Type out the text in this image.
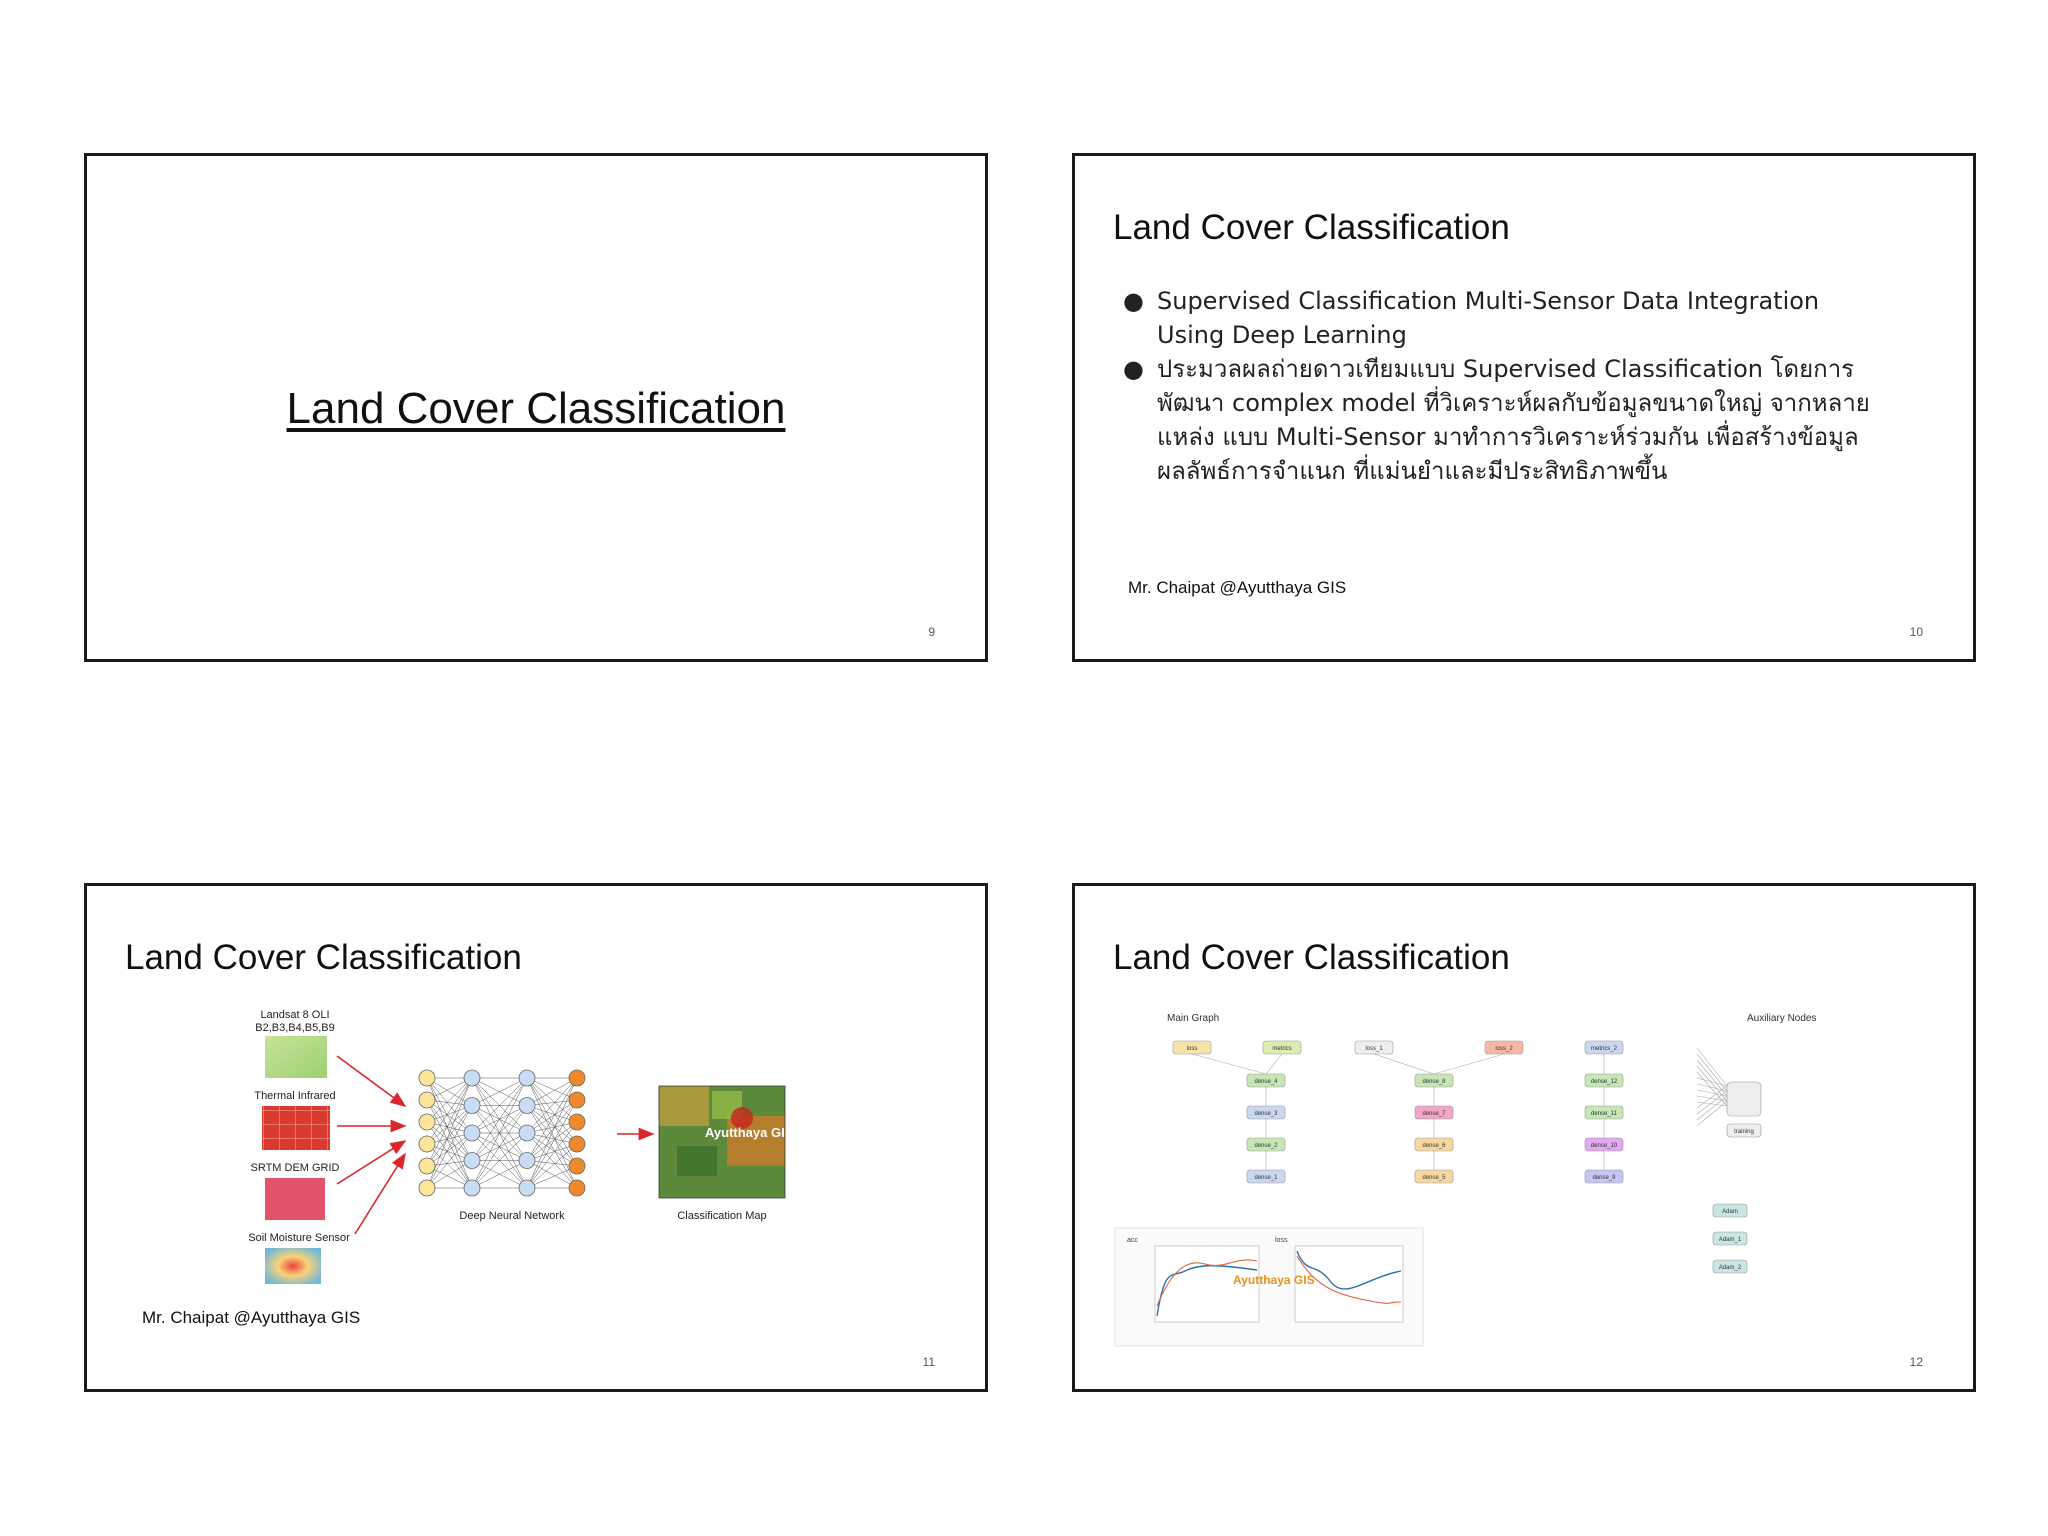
Land Cover Classification
9
Land Cover Classification
● Supervised Classification Multi-Sensor Data Integration Using Deep Learning
● ประมวลผลถ่ายดาวเทียมแบบ Supervised Classification โดยการพัฒนา complex model ที่วิเคราะห์ผลกับข้อมูลขนาดใหญ่ จากหลายแหล่ง แบบ Multi-Sensor มาทำการวิเคราะห์ร่วมกัน เพื่อสร้างข้อมูลผลลัพธ์การจำแนก ที่แม่นยำและมีประสิทธิภาพขึ้น
Mr. Chaipat @Ayutthaya GIS
10
Land Cover Classification
Landsat 8 OLI
B2,B3,B4,B5,B9
Thermal Infrared
SRTM DEM GRID
Soil Moisture Sensor
Deep Neural Network
Ayutthaya GIS
Classification Map
Mr. Chaipat @Ayutthaya GIS
11
Land Cover Classification
Main Graph	Auxiliary Nodes
loss	metrics	loss_1	loss_2	metrics_2
dense_4
dense_3
dense_2
dense_1
dense_8
dense_7
dense_6
dense_5
dense_12
dense_11
dense_10
dense_9
training
Adam
Adam_1
Adam_2
acc	loss
Ayutthaya GIS
12
